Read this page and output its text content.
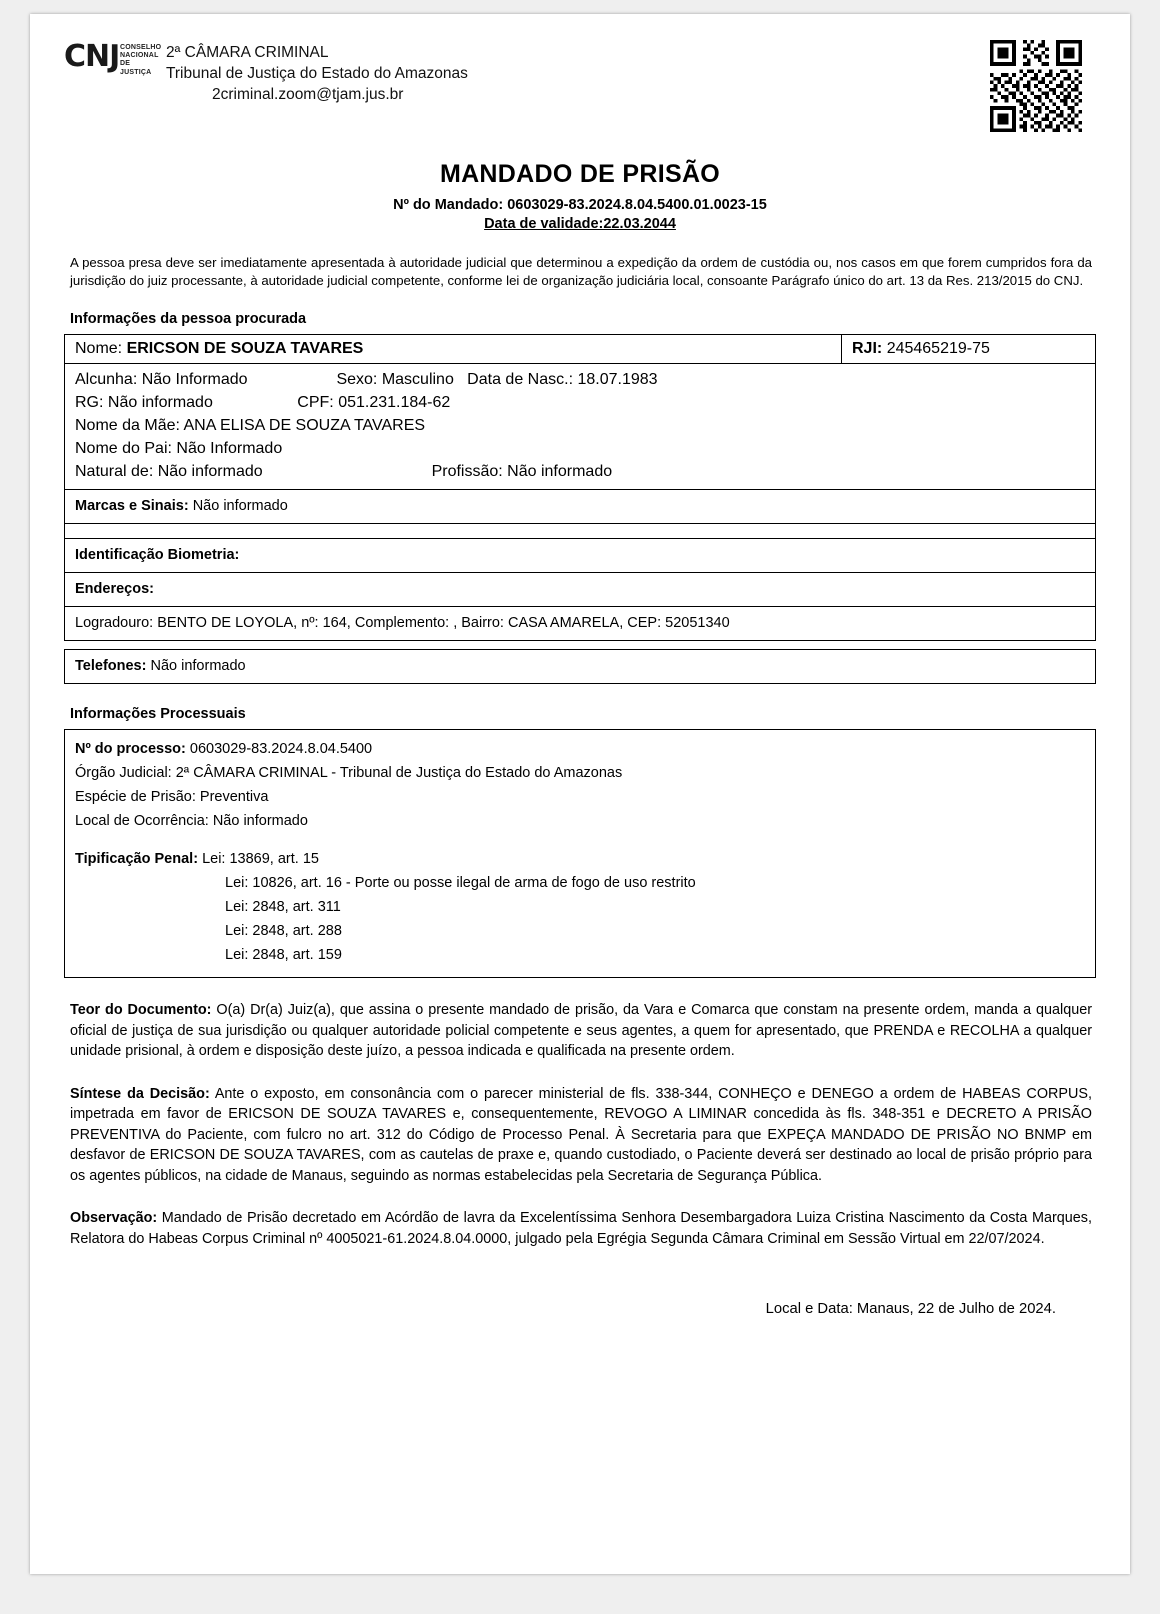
CNJ CONSELHO
NACIONAL
DE JUSTIÇA
2ª CÂMARA CRIMINAL
Tribunal de Justiça do Estado do Amazonas
2criminal.zoom@tjam.jus.br
MANDADO DE PRISÃO
Nº do Mandado: 0603029-83.2024.8.04.5400.01.0023-15
Data de validade:22.03.2044
A pessoa presa deve ser imediatamente apresentada à autoridade judicial que determinou a expedição da ordem de custódia ou, nos casos em que forem cumpridos fora da jurisdição do juiz processante, à autoridade judicial competente, conforme lei de organização judiciária local, consoante Parágrafo único do art. 13 da Res. 213/2015 do CNJ.
Informações da pessoa procurada
Nome: ERICSON DE SOUZA TAVARES	RJI: 245465219-75
Alcunha: Não Informado                    Sexo: Masculino   Data de Nasc.: 18.07.1983
RG: Não informado                   CPF: 051.231.184-62
Nome da Mãe: ANA ELISA DE SOUZA TAVARES
Nome do Pai: Não Informado
Natural de: Não informado                                      Profissão: Não informado
Marcas e Sinais: Não informado
Identificação Biometria:
Endereços:
Logradouro: BENTO DE LOYOLA, nº: 164, Complemento: , Bairro: CASA AMARELA, CEP: 52051340
Telefones: Não informado
Informações Processuais
Nº do processo: 0603029-83.2024.8.04.5400
Órgão Judicial: 2ª CÂMARA CRIMINAL - Tribunal de Justiça do Estado do Amazonas
Espécie de Prisão: Preventiva
Local de Ocorrência: Não informado
Tipificação Penal: Lei: 13869, art. 15
Lei: 10826, art. 16 - Porte ou posse ilegal de arma de fogo de uso restrito
Lei: 2848, art. 311
Lei: 2848, art. 288
Lei: 2848, art. 159
Teor do Documento: O(a) Dr(a) Juiz(a), que assina o presente mandado de prisão, da Vara e Comarca que constam na presente ordem, manda a qualquer oficial de justiça de sua jurisdição ou qualquer autoridade policial competente e seus agentes, a quem for apresentado, que PRENDA e RECOLHA a qualquer unidade prisional, à ordem e disposição deste juízo, a pessoa indicada e qualificada na presente ordem.
Síntese da Decisão: Ante o exposto, em consonância com o parecer ministerial de fls. 338-344, CONHEÇO e DENEGO a ordem de HABEAS CORPUS, impetrada em favor de ERICSON DE SOUZA TAVARES e, consequentemente, REVOGO A LIMINAR concedida às fls. 348-351 e DECRETO A PRISÃO PREVENTIVA do Paciente, com fulcro no art. 312 do Código de Processo Penal. À Secretaria para que EXPEÇA MANDADO DE PRISÃO NO BNMP em desfavor de ERICSON DE SOUZA TAVARES, com as cautelas de praxe e, quando custodiado, o Paciente deverá ser destinado ao local de prisão próprio para os agentes públicos, na cidade de Manaus, seguindo as normas estabelecidas pela Secretaria de Segurança Pública.
Observação: Mandado de Prisão decretado em Acórdão de lavra da Excelentíssima Senhora Desembargadora Luiza Cristina Nascimento da Costa Marques, Relatora do Habeas Corpus Criminal nº 4005021-61.2024.8.04.0000, julgado pela Egrégia Segunda Câmara Criminal em Sessão Virtual em 22/07/2024.
Local e Data: Manaus, 22 de Julho de 2024.
